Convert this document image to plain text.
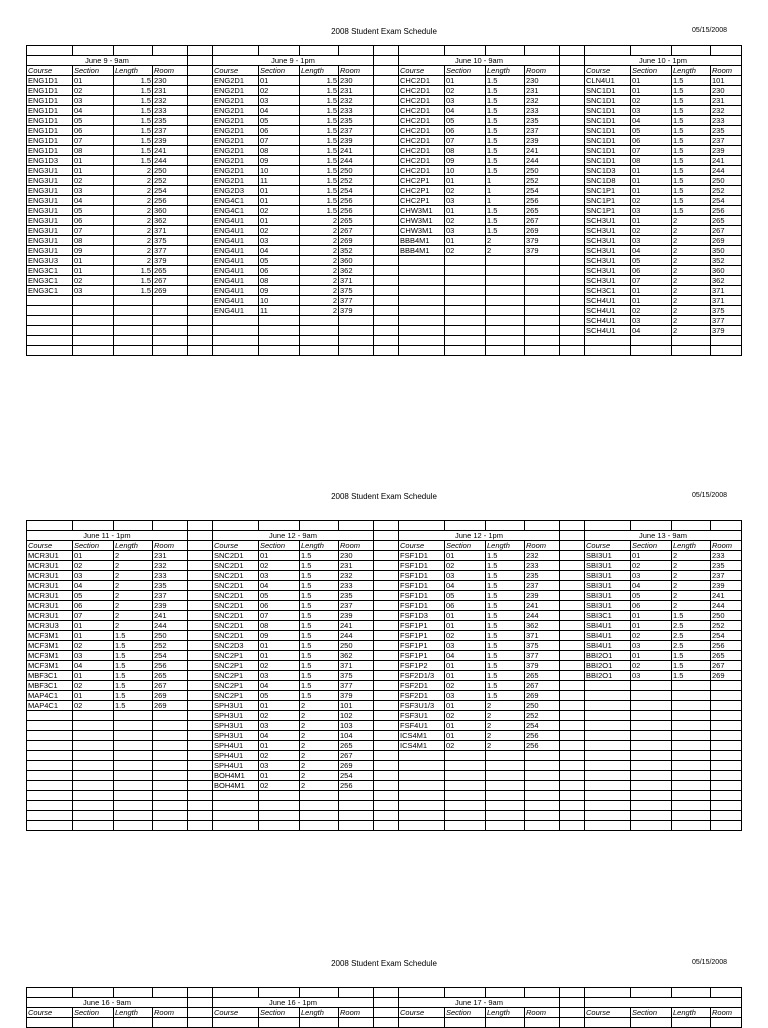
2008 Student Exam Schedule	05/15/2008

June 9 - 9am					June 9 - 1pm					June 10 - 9am					June 10 - 1pm			
Course	Section	Length	Room		Course	Section	Length	Room		Course	Section	Length	Room		Course	Section	Length	Room
ENG1D1	01	1.5	230		ENG2D1	01	1.5	230		CHC2D1	01	1.5	230		CLN4U1	01	1.5	101
ENG1D1	02	1.5	231		ENG2D1	02	1.5	231		CHC2D1	02	1.5	231		SNC1D1	01	1.5	230
ENG1D1	03	1.5	232		ENG2D1	03	1.5	232		CHC2D1	03	1.5	232		SNC1D1	02	1.5	231
ENG1D1	04	1.5	233		ENG2D1	04	1.5	233		CHC2D1	04	1.5	233		SNC1D1	03	1.5	232
ENG1D1	05	1.5	235		ENG2D1	05	1.5	235		CHC2D1	05	1.5	235		SNC1D1	04	1.5	233
ENG1D1	06	1.5	237		ENG2D1	06	1.5	237		CHC2D1	06	1.5	237		SNC1D1	05	1.5	235
ENG1D1	07	1.5	239		ENG2D1	07	1.5	239		CHC2D1	07	1.5	239		SNC1D1	06	1.5	237
ENG1D1	08	1.5	241		ENG2D1	08	1.5	241		CHC2D1	08	1.5	241		SNC1D1	07	1.5	239
ENG1D3	01	1.5	244		ENG2D1	09	1.5	244		CHC2D1	09	1.5	244		SNC1D1	08	1.5	241
ENG3U1	01	2	250		ENG2D1	10	1.5	250		CHC2D1	10	1.5	250		SNC1D3	01	1.5	244
ENG3U1	02	2	252		ENG2D1	11	1.5	252		CHC2P1	01	1	252		SNC1D8	01	1.5	250
ENG3U1	03	2	254		ENG2D3	01	1.5	254		CHC2P1	02	1	254		SNC1P1	01	1.5	252
ENG3U1	04	2	256		ENG4C1	01	1.5	256		CHC2P1	03	1	256		SNC1P1	02	1.5	254
ENG3U1	05	2	360		ENG4C1	02	1.5	256		CHW3M1	01	1.5	265		SNC1P1	03	1.5	256
ENG3U1	06	2	362		ENG4U1	01	2	265		CHW3M1	02	1.5	267		SCH3U1	01	2	265
ENG3U1	07	2	371		ENG4U1	02	2	267		CHW3M1	03	1.5	269		SCH3U1	02	2	267
ENG3U1	08	2	375		ENG4U1	03	2	269		BBB4M1	01	2	379		SCH3U1	03	2	269
ENG3U1	09	2	377		ENG4U1	04	2	352		BBB4M1	02	2	379		SCH3U1	04	2	350
ENG3U3	01	2	379		ENG4U1	05	2	360							SCH3U1	05	2	352
ENG3C1	01	1.5	265		ENG4U1	06	2	362							SCH3U1	06	2	360
ENG3C1	02	1.5	267		ENG4U1	08	2	371							SCH3U1	07	2	362
ENG3C1	03	1.5	269		ENG4U1	09	2	375							SCH3C1	01	2	371
					ENG4U1	10	2	377							SCH4U1	01	2	371
					ENG4U1	11	2	379							SCH4U1	02	2	375
															SCH4U1	03	2	377
															SCH4U1	04	2	379

2008 Student Exam Schedule	05/15/2008

June 11 - 1pm					June 12 - 9am					June 12 - 1pm					June 13 - 9am			
Course	Section	Length	Room		Course	Section	Length	Room		Course	Section	Length	Room		Course	Section	Length	Room
MCR3U1	01	2	231		SNC2D1	01	1.5	230		FSF1D1	01	1.5	232		SBI3U1	01	2	233
MCR3U1	02	2	232		SNC2D1	02	1.5	231		FSF1D1	02	1.5	233		SBI3U1	02	2	235
MCR3U1	03	2	233		SNC2D1	03	1.5	232		FSF1D1	03	1.5	235		SBI3U1	03	2	237
MCR3U1	04	2	235		SNC2D1	04	1.5	233		FSF1D1	04	1.5	237		SBI3U1	04	2	239
MCR3U1	05	2	237		SNC2D1	05	1.5	235		FSF1D1	05	1.5	239		SBI3U1	05	2	241
MCR3U1	06	2	239		SNC2D1	06	1.5	237		FSF1D1	06	1.5	241		SBI3U1	06	2	244
MCR3U1	07	2	241		SNC2D1	07	1.5	239		FSF1D3	01	1.5	244		SBI3C1	01	1.5	250
MCR3U3	01	2	244		SNC2D1	08	1.5	241		FSF1P1	01	1.5	362		SBI4U1	01	2.5	252
MCF3M1	01	1.5	250		SNC2D1	09	1.5	244		FSF1P1	02	1.5	371		SBI4U1	02	2.5	254
MCF3M1	02	1.5	252		SNC2D3	01	1.5	250		FSF1P1	03	1.5	375		SBI4U1	03	2.5	256
MCF3M1	03	1.5	254		SNC2P1	01	1.5	362		FSF1P1	04	1.5	377		BBI2O1	01	1.5	265
MCF3M1	04	1.5	256		SNC2P1	02	1.5	371		FSF1P2	01	1.5	379		BBI2O1	02	1.5	267
MBF3C1	01	1.5	265		SNC2P1	03	1.5	375		FSF2D1/3	01	1.5	265		BBI2O1	03	1.5	269
MBF3C1	02	1.5	267		SNC2P1	04	1.5	377		FSF2D1	02	1.5	267					
MAP4C1	01	1.5	269		SNC2P1	05	1.5	379		FSF2D1	03	1.5	269					
MAP4C1	02	1.5	269		SPH3U1	01	2	101		FSF3U1/3	01	2	250					
					SPH3U1	02	2	102		FSF3U1	02	2	252					
					SPH3U1	03	2	103		FSF4U1	01	2	254					
					SPH3U1	04	2	104		ICS4M1	01	2	256					
					SPH4U1	01	2	265		ICS4M1	02	2	256					
					SPH4U1	02	2	267										
					SPH4U1	03	2	269										
					BOH4M1	01	2	254										
					BOH4M1	02	2	256										

2008 Student Exam Schedule	05/15/2008

June 16 - 9am					June 16 - 1pm					June 17 - 9am								
Course	Section	Length	Room		Course	Section	Length	Room		Course	Section	Length	Room		Course	Section	Length	Room
